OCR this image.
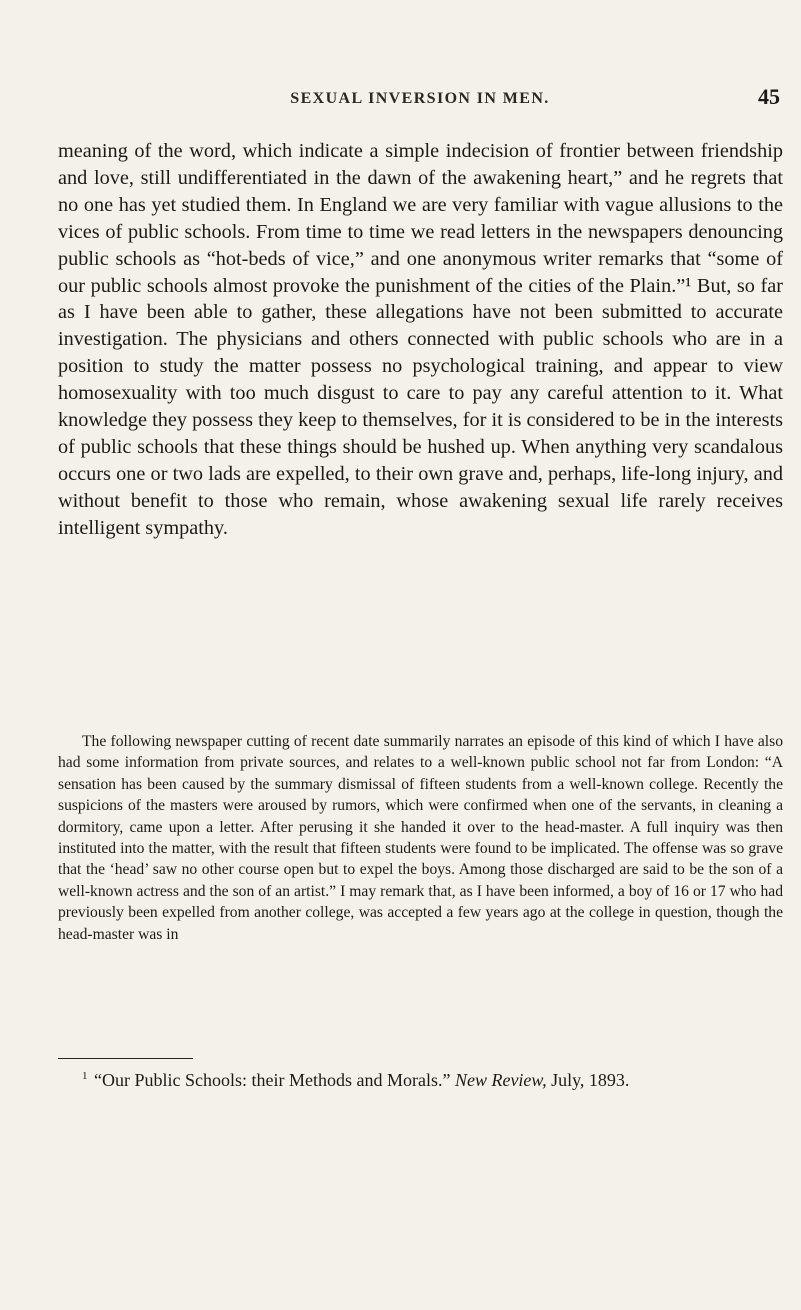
SEXUAL INVERSION IN MEN.	45

meaning of the word, which indicate a simple indecision of frontier between friendship and love, still undifferentiated in the dawn of the awakening heart,” and he regrets that no one has yet studied them. In England we are very familiar with vague allusions to the vices of public schools. From time to time we read letters in the newspapers denouncing public schools as “hot-beds of vice,” and one anonymous writer remarks that “some of our public schools almost provoke the punishment of the cities of the Plain.”¹ But, so far as I have been able to gather, these allegations have not been submitted to accurate investigation. The physicians and others connected with public schools who are in a position to study the matter possess no psychological training, and appear to view homosexuality with too much disgust to care to pay any careful attention to it. What knowledge they possess they keep to themselves, for it is considered to be in the interests of public schools that these things should be hushed up. When anything very scandalous occurs one or two lads are expelled, to their own grave and, perhaps, life-long injury, and without benefit to those who remain, whose awakening sexual life rarely receives intelligent sympathy.

The following newspaper cutting of recent date summarily narrates an episode of this kind of which I have also had some information from private sources, and relates to a well-known public school not far from London: “A sensation has been caused by the summary dismissal of fifteen students from a well-known college. Recently the suspicions of the masters were aroused by rumors, which were confirmed when one of the servants, in cleaning a dormitory, came upon a letter. After perusing it she handed it over to the head-master. A full inquiry was then instituted into the matter, with the result that fifteen students were found to be implicated. The offense was so grave that the ‘head’ saw no other course open but to expel the boys. Among those discharged are said to be the son of a well-known actress and the son of an artist.” I may remark that, as I have been informed, a boy of 16 or 17 who had previously been expelled from another college, was accepted a few years ago at the college in question, though the head-master was in

$^1$ “Our Public Schools: their Methods and Morals.” New Review, July, 1893.
